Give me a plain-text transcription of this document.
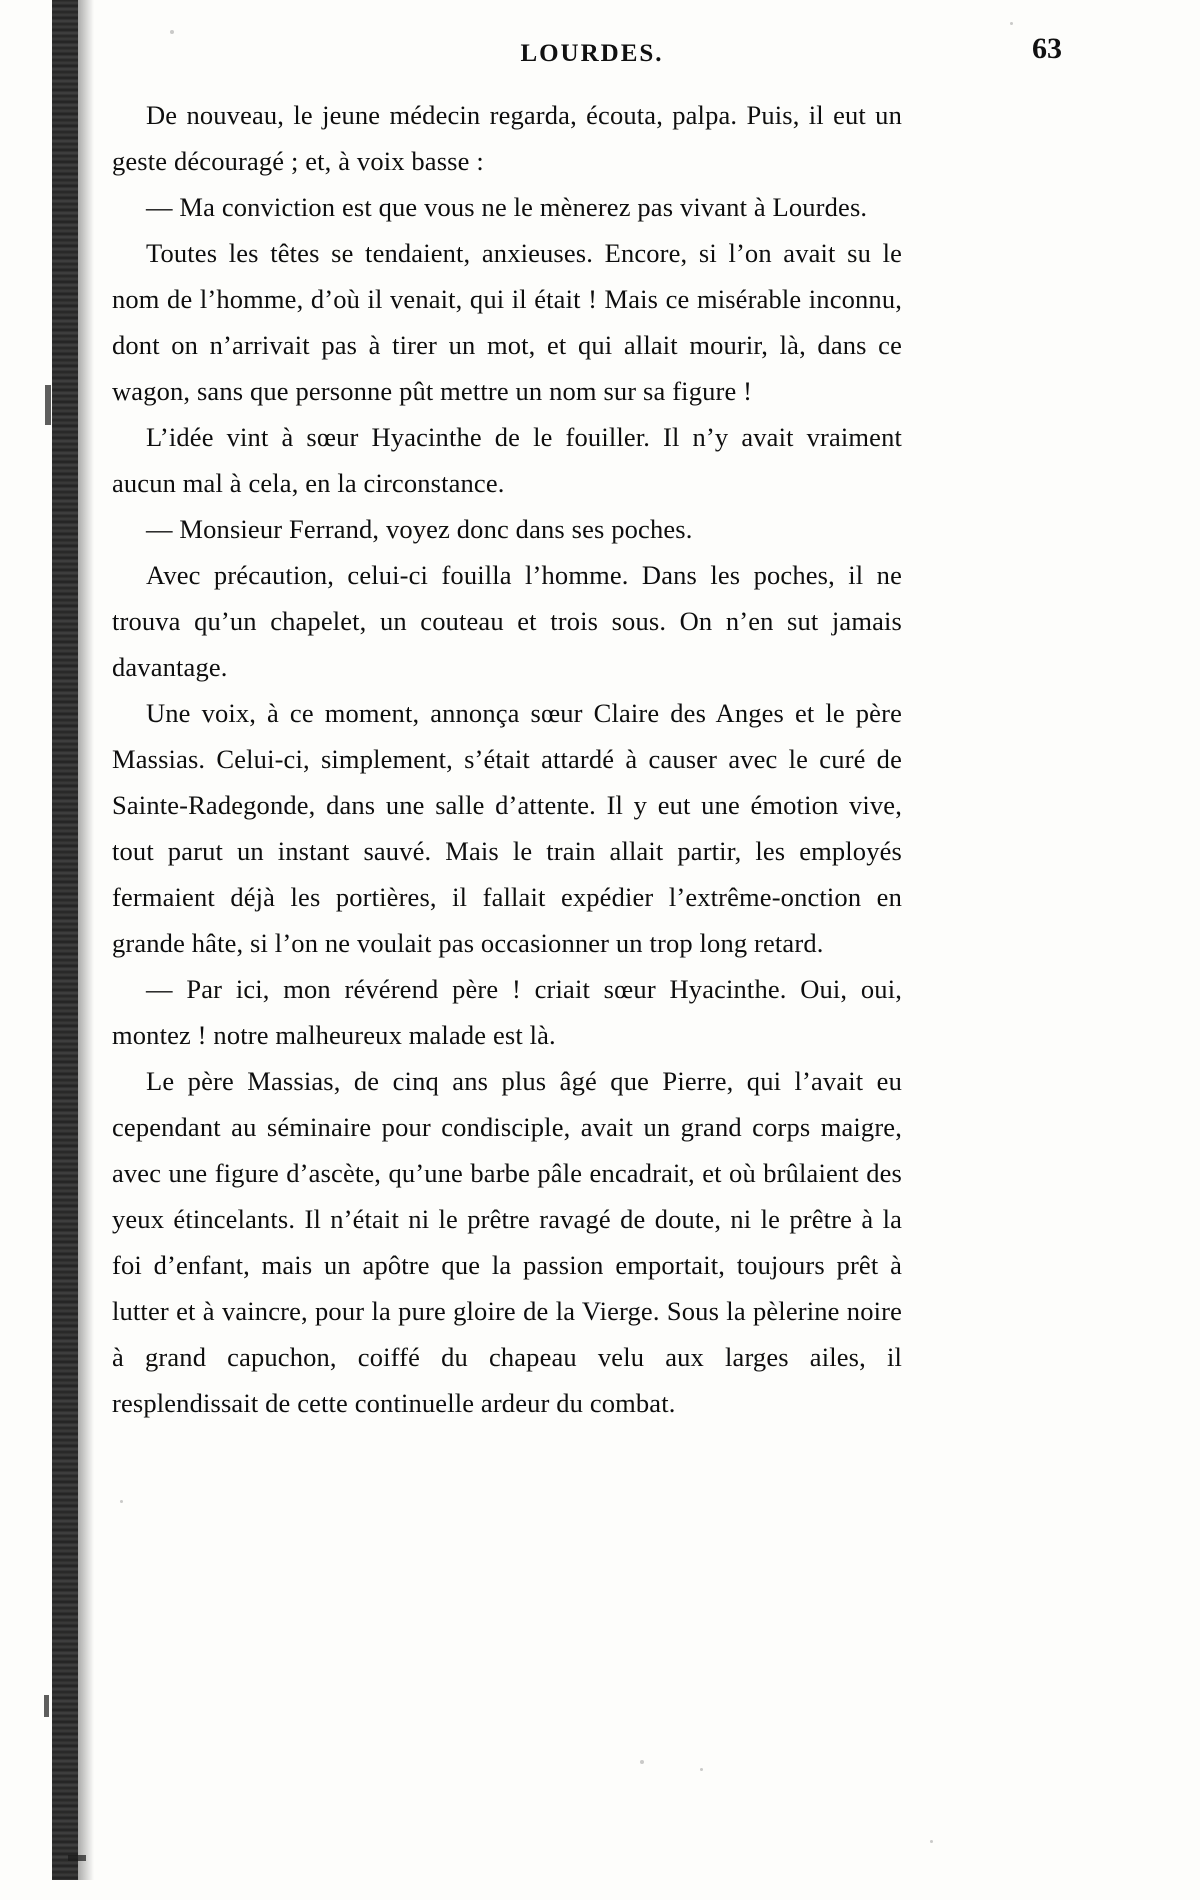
LOURDES.	63

De nouveau, le jeune médecin regarda, écouta, palpa. Puis, il eut un geste découragé ; et, à voix basse :

— Ma conviction est que vous ne le mènerez pas vivant à Lourdes.

Toutes les têtes se tendaient, anxieuses. Encore, si l’on avait su le nom de l’homme, d’où il venait, qui il était ! Mais ce misérable inconnu, dont on n’arrivait pas à tirer un mot, et qui allait mourir, là, dans ce wagon, sans que personne pût mettre un nom sur sa figure !

L’idée vint à sœur Hyacinthe de le fouiller. Il n’y avait vraiment aucun mal à cela, en la circonstance.

— Monsieur Ferrand, voyez donc dans ses poches.

Avec précaution, celui-ci fouilla l’homme. Dans les poches, il ne trouva qu’un chapelet, un couteau et trois sous. On n’en sut jamais davantage.

Une voix, à ce moment, annonça sœur Claire des Anges et le père Massias. Celui-ci, simplement, s’était attardé à causer avec le curé de Sainte-Radegonde, dans une salle d’attente. Il y eut une émotion vive, tout parut un instant sauvé. Mais le train allait partir, les employés fermaient déjà les portières, il fallait expédier l’extrême-onction en grande hâte, si l’on ne voulait pas occasionner un trop long retard.

— Par ici, mon révérend père ! criait sœur Hyacinthe. Oui, oui, montez ! notre malheureux malade est là.

Le père Massias, de cinq ans plus âgé que Pierre, qui l’avait eu cependant au séminaire pour condisciple, avait un grand corps maigre, avec une figure d’ascète, qu’une barbe pâle encadrait, et où brûlaient des yeux étincelants. Il n’était ni le prêtre ravagé de doute, ni le prêtre à la foi d’enfant, mais un apôtre que la passion emportait, toujours prêt à lutter et à vaincre, pour la pure gloire de la Vierge. Sous la pèlerine noire à grand capuchon, coiffé du chapeau velu aux larges ailes, il resplendissait de cette continuelle ardeur du combat.
